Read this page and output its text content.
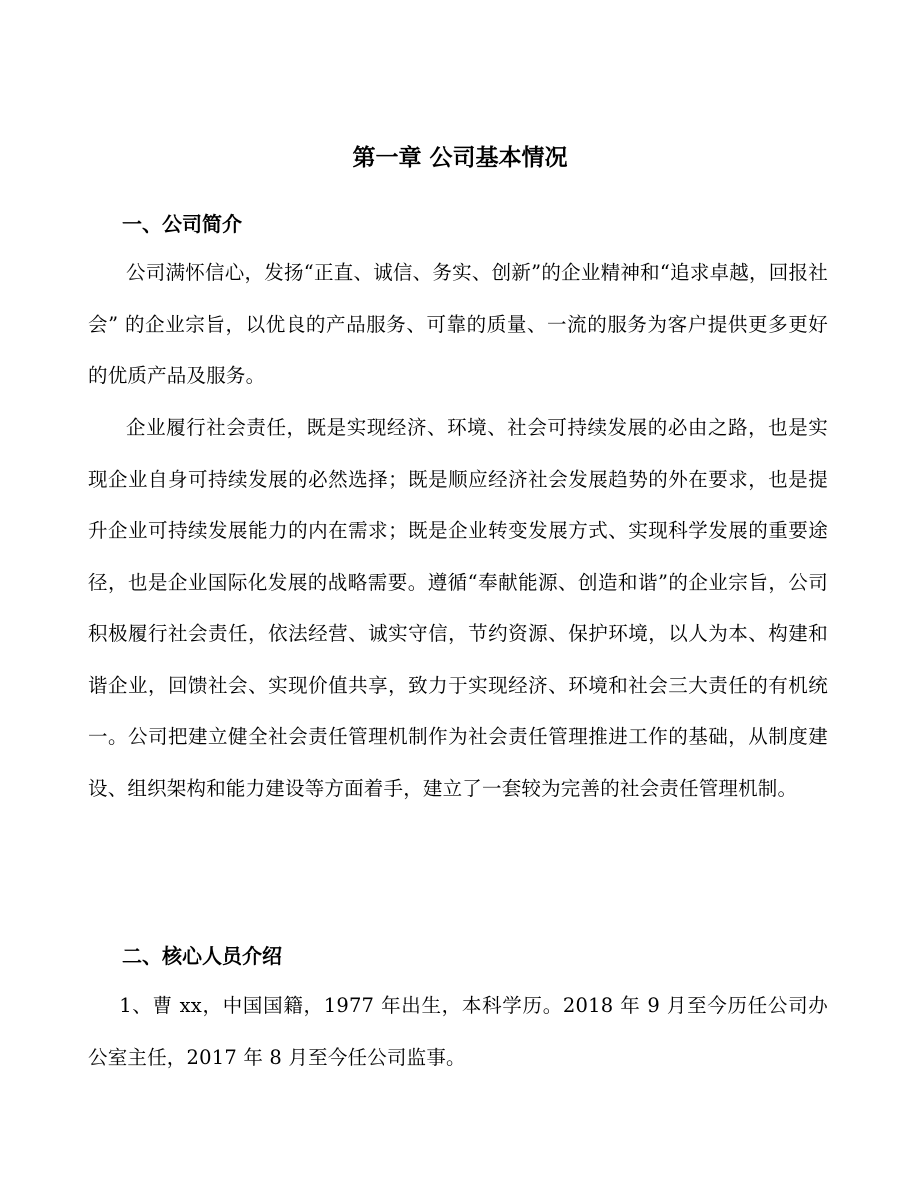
第一章 公司基本情况
一、公司简介

公司满怀信心，发扬“正直、诚信、务实、创新”的企业精神和“追求卓越，回报社会” 的企业宗旨，以优良的产品服务、可靠的质量、一流的服务为客户提供更多更好的优质产品及服务。

企业履行社会责任，既是实现经济、环境、社会可持续发展的必由之路，也是实现企业自身可持续发展的必然选择；既是顺应经济社会发展趋势的外在要求，也是提升企业可持续发展能力的内在需求；既是企业转变发展方式、实现科学发展的重要途径，也是企业国际化发展的战略需要。遵循“奉献能源、创造和谐”的企业宗旨，公司积极履行社会责任，依法经营、诚实守信，节约资源、保护环境，以人为本、构建和谐企业，回馈社会、实现价值共享，致力于实现经济、环境和社会三大责任的有机统一。公司把建立健全社会责任管理机制作为社会责任管理推进工作的基础，从制度建设、组织架构和能力建设等方面着手，建立了一套较为完善的社会责任管理机制。

二、核心人员介绍

1、曹 xx，中国国籍，1977 年出生，本科学历。2018 年 9 月至今历任公司办公室主任，2017 年 8 月至今任公司监事。
